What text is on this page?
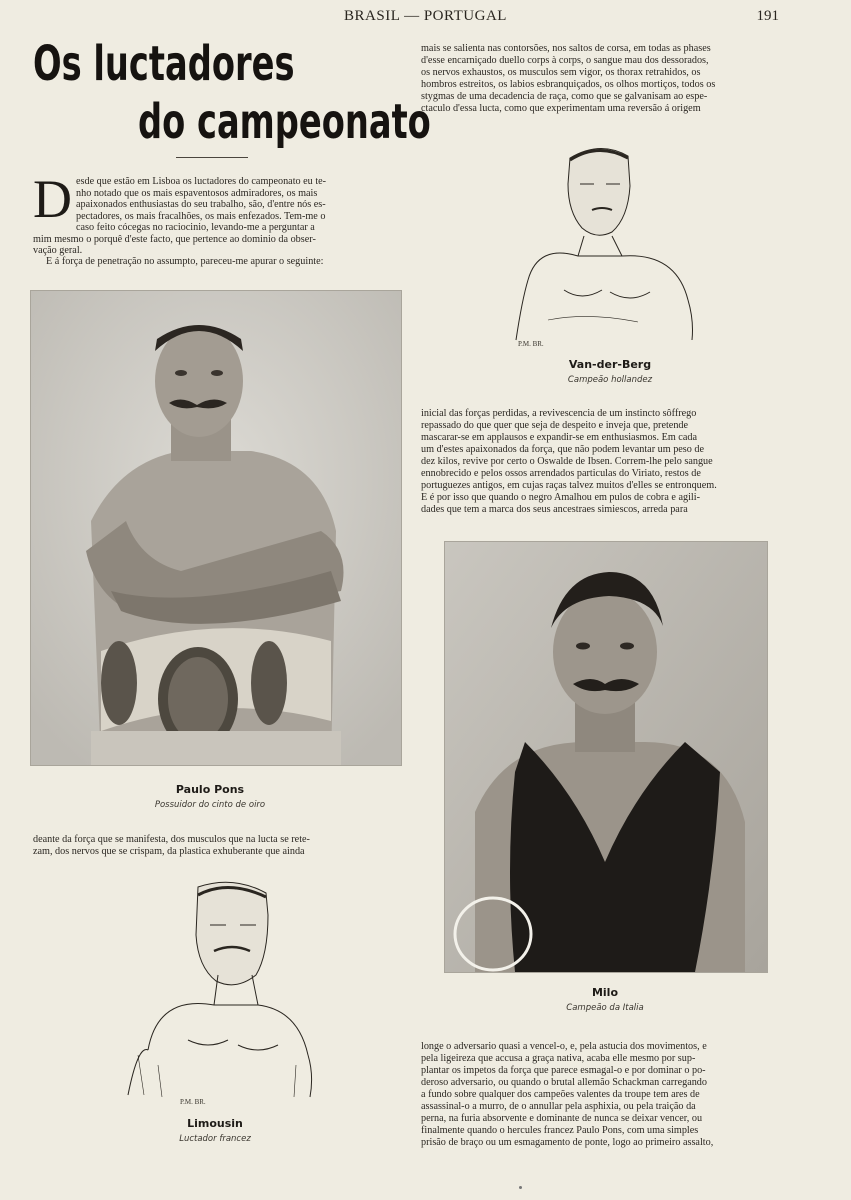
BRASIL — PORTUGAL	191
Os luctadores
do campeonato
D esde que estão em Lisboa os luctadores do campeonato eu te-
nho notado que os mais espaventosos admiradores, os mais
apaixonados enthusiastas do seu trabalho, são, d'entre nós es-
pectadores, os mais fracalhões, os mais enfezados. Tem-me o
caso feito cócegas no raciocinio, levando-me a perguntar a
mim mesmo o porquê d'este facto, que pertence ao dominio da obser-
vação geral.
E á força de penetração no assumpto, pareceu-me apurar o seguinte:
Paulo Pons
Possuidor do cinto de oiro
deante da força que se manifesta, dos musculos que na lucta se rete-
zam, dos nervos que se crispam, da plastica exhuberante que ainda
P.M. BR.
Limousin
Luctador francez
mais se salienta nas contorsões, nos saltos de corsa, em todas as phases
d'esse encarniçado duello corps à corps, o sangue mau dos dessorados,
os nervos exhaustos, os musculos sem vigor, os thorax retrahidos, os
hombros estreitos, os labios esbranquiçados, os olhos mortiços, todos os
stygmas de uma decadencia de raça, como que se galvanisam ao espe-
ctaculo d'essa lucta, como que experimentam uma reversão á origem
P.M. BR.
Van-der-Berg
Campeão hollandez
inicial das forças perdidas, a revivescencia de um instincto sôffrego
repassado do que quer que seja de despeito e inveja que, pretende
mascarar-se em applausos e expandir-se em enthusiasmos. Em cada
um d'estes apaixonados da força, que não podem levantar um peso de
dez kilos, revive por certo o Oswalde de Ibsen. Correm-lhe pelo sangue
ennobrecido e pelos ossos arrendados particulas do Viriato, restos de
portuguezes antigos, em cujas raças talvez muitos d'elles se entronquem.
E é por isso que quando o negro Amalhou em pulos de cobra e agili-
dades que tem a marca dos seus ancestraes simiescos, arreda para
Milo
Campeão da Italia
longe o adversario quasi a vencel-o, e, pela astucia dos movimentos, e
pela ligeireza que accusa a graça nativa, acaba elle mesmo por sup-
plantar os impetos da força que parece esmagal-o e por dominar o po-
deroso adversario, ou quando o brutal allemão Schackman carregando
a fundo sobre qualquer dos campeões valentes da troupe tem ares de
assassinal-o a murro, de o annullar pela asphixia, ou pela traição da
perna, na furia absorvente e dominante de nunca se deixar vencer, ou
finalmente quando o hercules francez Paulo Pons, com uma simples
prisão de braço ou um esmagamento de ponte, logo ao primeiro assalto,
